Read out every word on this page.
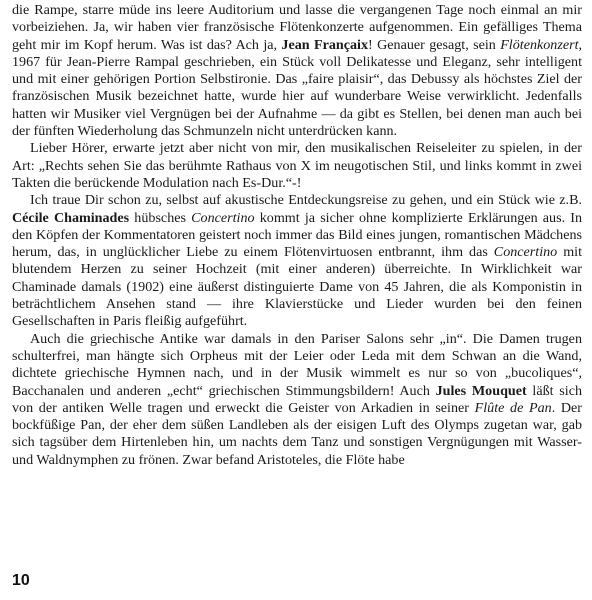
die Rampe, starre müde ins leere Auditorium und lasse die vergangenen Tage noch einmal an mir vorbeiziehen. Ja, wir haben vier französische Flötenkonzerte aufgenommen. Ein gefälliges Thema geht mir im Kopf herum. Was ist das? Ach ja, Jean Françaix! Genauer gesagt, sein Flötenkonzert, 1967 für Jean-Pierre Rampal geschrieben, ein Stück voll Delikatesse und Eleganz, sehr intelligent und mit einer gehörigen Portion Selbstironie. Das „faire plaisir“, das Debussy als höchstes Ziel der französischen Musik bezeichnet hatte, wurde hier auf wunderbare Weise verwirklicht. Jedenfalls hatten wir Musiker viel Vergnügen bei der Aufnahme — da gibt es Stellen, bei denen man auch bei der fünften Wiederholung das Schmunzeln nicht unterdrücken kann.

Lieber Hörer, erwarte jetzt aber nicht von mir, den musikalischen Reiseleiter zu spielen, in der Art: „Rechts sehen Sie das berühmte Rathaus von X im neugotischen Stil, und links kommt in zwei Takten die berückende Modulation nach Es-Dur.“-!

Ich traue Dir schon zu, selbst auf akustische Entdeckungsreise zu gehen, und ein Stück wie z.B. Cécile Chaminades hübsches Concertino kommt ja sicher ohne komplizierte Erklärungen aus. In den Köpfen der Kommentatoren geistert noch immer das Bild eines jungen, romantischen Mädchens herum, das, in unglücklicher Liebe zu einem Flötenvirtuosen entbrannt, ihm das Concertino mit blutendem Herzen zu seiner Hochzeit (mit einer anderen) überreichte. In Wirklichkeit war Chaminade damals (1902) eine äußerst distinguierte Dame von 45 Jahren, die als Komponistin in beträchtlichem Ansehen stand — ihre Klavierstücke und Lieder wurden bei den feinen Gesellschaften in Paris fleißig aufgeführt.

Auch die griechische Antike war damals in den Pariser Salons sehr „in“. Die Damen trugen schulterfrei, man hängte sich Orpheus mit der Leier oder Leda mit dem Schwan an die Wand, dichtete griechische Hymnen nach, und in der Musik wimmelt es nur so von „bucoliques“, Bacchanalen und anderen „echt“ griechischen Stimmungsbildern! Auch Jules Mouquet läßt sich von der antiken Welle tragen und erweckt die Geister von Arkadien in seiner Flûte de Pan. Der bockfüßige Pan, der eher dem süßen Landleben als der eisigen Luft des Olymps zugetan war, gab sich tagsüber dem Hirtenleben hin, um nachts dem Tanz und sonstigen Vergnügungen mit Wasser- und Waldnymphen zu frönen. Zwar befand Aristoteles, die Flöte habe

10
